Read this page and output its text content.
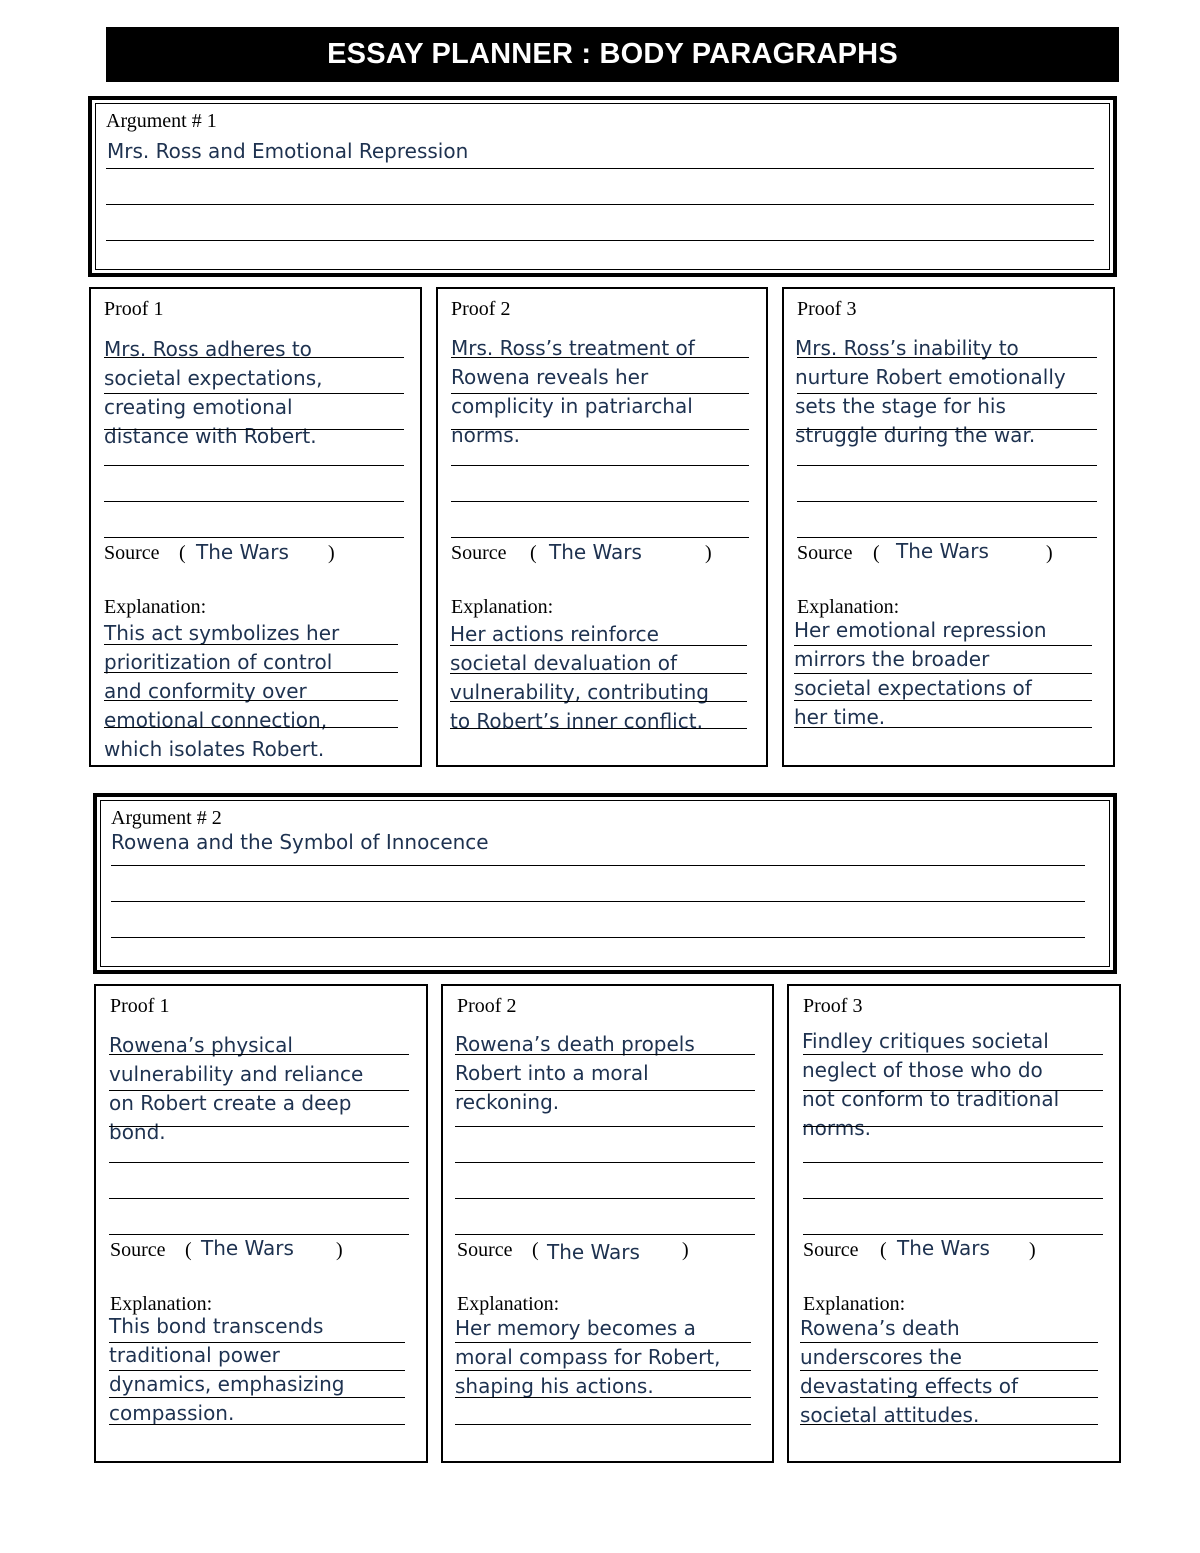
ESSAY PLANNER : BODY PARAGRAPHS
Argument # 1
Mrs. Ross and Emotional Repression
Proof 1
Mrs. Ross adheres to
societal expectations,
creating emotional
distance with Robert.
Source ( The Wars )
Explanation:
This act symbolizes her
prioritization of control
and conformity over
emotional connection,
which isolates Robert.
Proof 2
Mrs. Ross’s treatment of
Rowena reveals her
complicity in patriarchal
norms.
Source ( The Wars	)
Explanation:
Her actions reinforce
societal devaluation of
vulnerability, contributing
to Robert’s inner conflict.
Proof 3
Mrs. Ross’s inability to
nurture Robert emotionally
sets the stage for his
struggle during the war.
Source ( The Wars	)
Explanation:
Her emotional repression
mirrors the broader
societal expectations of
her time.
Argument # 2
Rowena and the Symbol of Innocence
Proof 1
Rowena’s physical
vulnerability and reliance
on Robert create a deep
bond.
Source ( The Wars )
Explanation:
This bond transcends
traditional power
dynamics, emphasizing
compassion.
Proof 2
Rowena’s death propels
Robert into a moral
reckoning.
Source ( The Wars )
Explanation:
Her memory becomes a
moral compass for Robert,
shaping his actions.
Proof 3
Findley critiques societal
neglect of those who do
not conform to traditional
norms.
Source ( The Wars )
Explanation:
Rowena’s death
underscores the
devastating effects of
societal attitudes.
